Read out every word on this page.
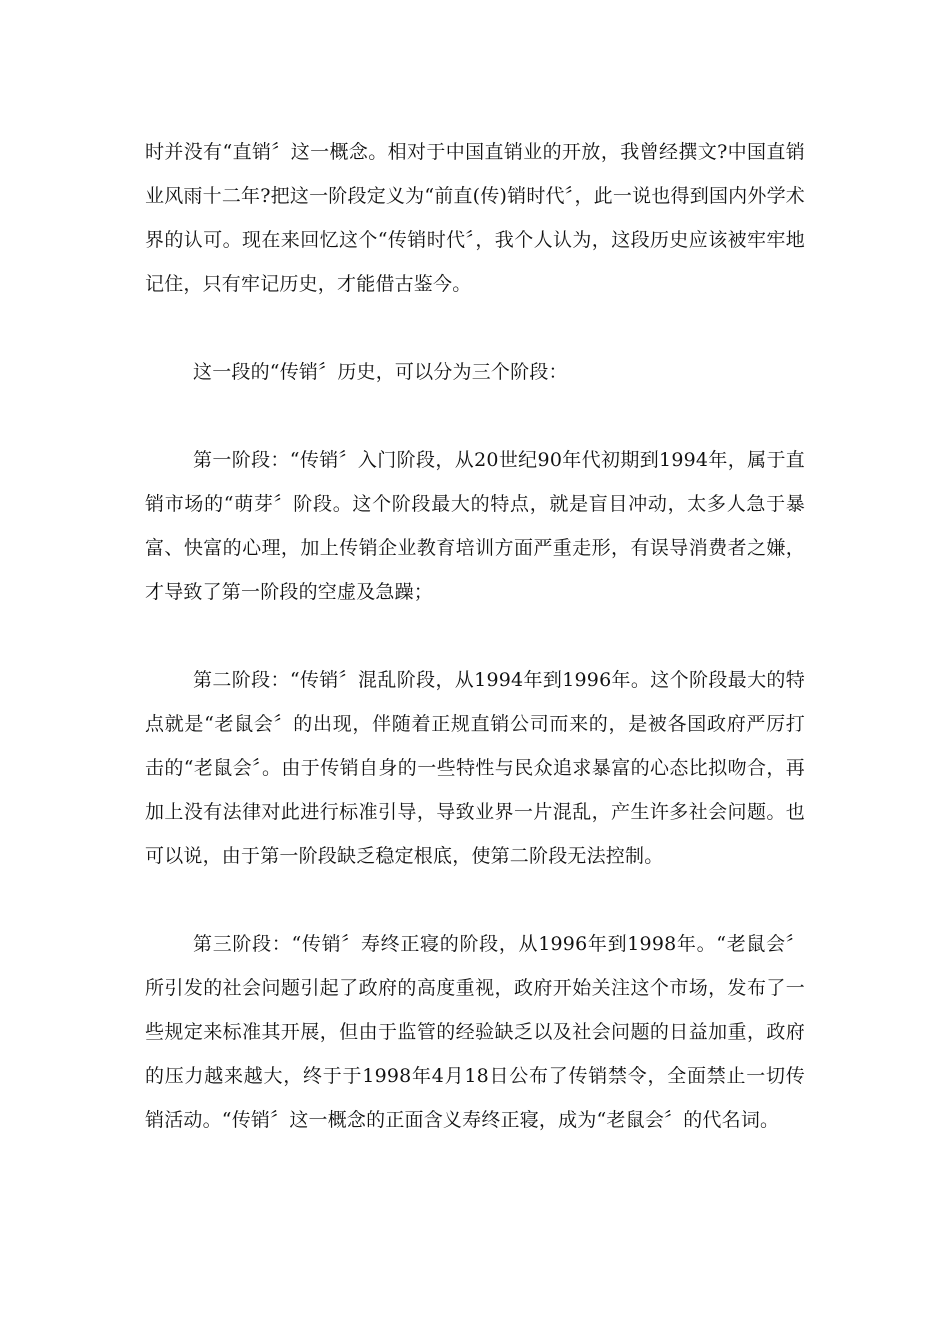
时并没有“直销〞这一概念。相对于中国直销业的开放，我曾经撰文?中国直销业风雨十二年?把这一阶段定义为“前直(传)销时代〞，此一说也得到国内外学术界的认可。现在来回忆这个“传销时代〞，我个人认为，这段历史应该被牢牢地记住，只有牢记历史，才能借古鉴今。

这一段的“传销〞历史，可以分为三个阶段：

第一阶段：“传销〞入门阶段，从20世纪90年代初期到1994年，属于直销市场的“萌芽〞阶段。这个阶段最大的特点，就是盲目冲动，太多人急于暴富、快富的心理，加上传销企业教育培训方面严重走形，有误导消费者之嫌，才导致了第一阶段的空虚及急躁；

第二阶段：“传销〞混乱阶段，从1994年到1996年。这个阶段最大的特点就是“老鼠会〞的出现，伴随着正规直销公司而来的，是被各国政府严厉打击的“老鼠会〞。由于传销自身的一些特性与民众追求暴富的心态比拟吻合，再加上没有法律对此进行标准引导，导致业界一片混乱，产生许多社会问题。也可以说，由于第一阶段缺乏稳定根底，使第二阶段无法控制。

第三阶段：“传销〞寿终正寝的阶段，从1996年到1998年。“老鼠会〞所引发的社会问题引起了政府的高度重视，政府开始关注这个市场，发布了一些规定来标准其开展，但由于监管的经验缺乏以及社会问题的日益加重，政府的压力越来越大，终于于1998年4月18日公布了传销禁令，全面禁止一切传销活动。“传销〞这一概念的正面含义寿终正寝，成为“老鼠会〞的代名词。
